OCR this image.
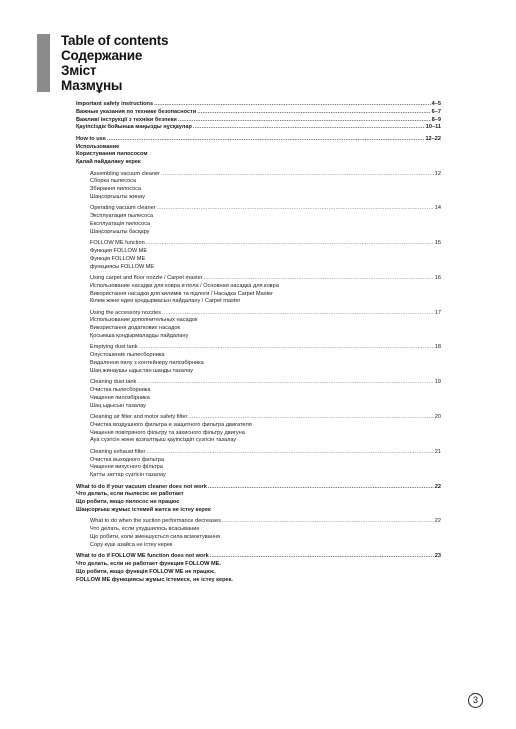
Table of contents
Содержание
Зміст
Мазмұны
Important safety instructions .....	4–5
Важные указания по технике безопасности .....	6–7
Важливі інструкції з техніки безпеки .....	8–9
Қауіпсіздік бойынша маңызды нұсқаулар .....	10–11
How to use .....	12–22
Использование
Користування пилососом
Қалай пайдалану керек
Assembling vacuum cleaner .....	12
Сборка пылесоса
Збирання пилососа
Шаңсорғышты жинау
Operating vacuum cleaner .....	14
Эксплуатация пылесоса
Експлуатація пилососа
Шаңсорғышты басқару
FOLLOW ME function .....	15
Функция FOLLOW ME
Функція FOLLOW ME
функциясы FOLLOW ME
Using carpet and floor nozzle / Carpet master .....	16
Использование насадки для ковра и пола / Основная насадка для ковра
Використання насадки для килимів та підлоги / Насадка Carpet Master
Кілем және еден қондырмасын пайдалану / Carpet master
Using the accessory nozzles .....	17
Использование дополнительных насадок
Використання додаткових насадок
Қосымша қондырмаларды пайдалану
Emptying dust tank .....	18
Опустошение пылесборника
Видалення пилу з контейнеру пилозбірника
Шаң жинаушы ыдыстан шаңды тазалау
Cleaning dust tank .....	19
Очистка пылесборника
Чищення пилозбірника
Шаң ыдысын тазалау
Cleaning air filter and motor safety filter .....	20
Очистка воздушного фильтра и защитного фильтра двигателя
Чищення повітряного фільтру та захисного фільтру двигуна
Ауа сүзгісін және қозғалтқыш қауіпсіздігі сүзгісін тазалау
Cleaning exhaust filter .....	21
Очистка выходного фильтра
Чищення вихусного фільтра
Қатты заттар сүзгісін тазалау
What to do if your vacuum cleaner does not work .....	22
Что делать, если пылесос не работает
Що робити, якщо пилосос не працює
Шаңсорғыш жұмыс істемей жатса не істеу керек
What to do when the suction performance decreases .....	22
Что делать, если ухудшилось всасывание
Що робити, коли зменшується сила всмоктування
Сору күші азайса не істеу керек
What to do if FOLLOW ME function does not work .....	23
Что делать, если не работает функция FOLLOW ME.
Що робити, якщо функція FOLLOW ME не працює.
FOLLOW ME функциясы жұмыс істемесе, не істеу керек.
3
